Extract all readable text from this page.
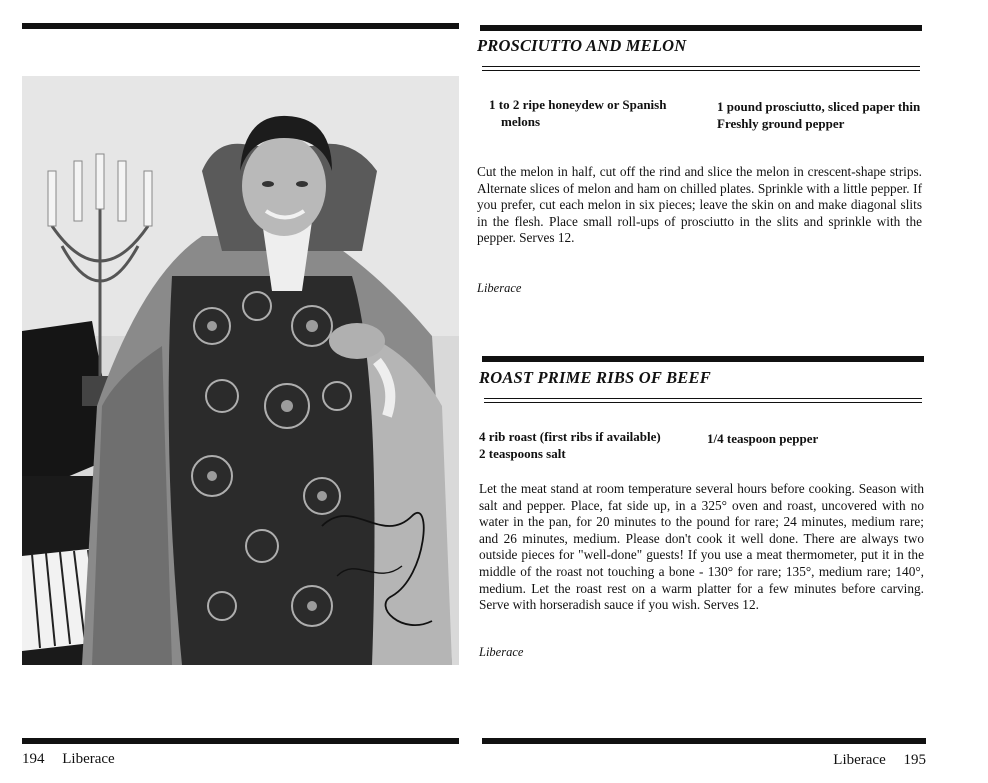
194 Liberace

PROSCIUTTO AND MELON
1 to 2 ripe honeydew or Spanish melons
1 pound prosciutto, sliced paper thin
Freshly ground pepper

Cut the melon in half, cut off the rind and slice the melon in crescent-shape strips. Alternate slices of melon and ham on chilled plates. Sprinkle with a little pepper. If you prefer, cut each melon in six pieces; leave the skin on and make diagonal slits in the flesh. Place small roll-ups of prosciutto in the slits and sprinkle with the pepper. Serves 12.

Liberace

ROAST PRIME RIBS OF BEEF
4 rib roast (first ribs if available)
2 teaspoons salt
1/4 teaspoon pepper

Let the meat stand at room temperature several hours before cooking. Season with salt and pepper. Place, fat side up, in a 325° oven and roast, uncovered with no water in the pan, for 20 minutes to the pound for rare; 24 minutes, medium rare; and 26 minutes, medium. Please don't cook it well done. There are always two outside pieces for "well-done" guests! If you use a meat thermometer, put it in the middle of the roast not touching a bone - 130° for rare; 135°, medium rare; 140°, medium. Let the roast rest on a warm platter for a few minutes before carving. Serve with horseradish sauce if you wish. Serves 12.

Liberace

Liberace 195
